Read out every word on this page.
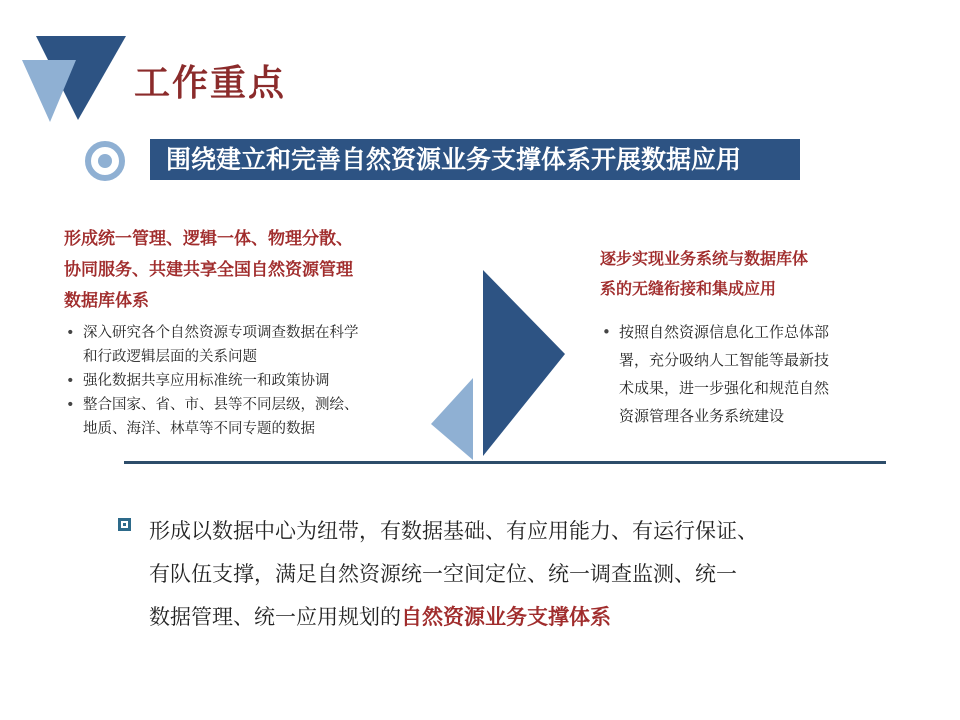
工作重点
围绕建立和完善自然资源业务支撑体系开展数据应用
形成统一管理、逻辑一体、物理分散、
协同服务、共建共享全国自然资源管理
数据库体系
• 深入研究各个自然资源专项调查数据在科学
和行政逻辑层面的关系问题
• 强化数据共享应用标准统一和政策协调
• 整合国家、省、市、县等不同层级，测绘、
地质、海洋、林草等不同专题的数据
逐步实现业务系统与数据库体
系的无缝衔接和集成应用
• 按照自然资源信息化工作总体部
署，充分吸纳人工智能等最新技
术成果，进一步强化和规范自然
资源管理各业务系统建设
形成以数据中心为纽带，有数据基础、有应用能力、有运行保证、
有队伍支撑，满足自然资源统一空间定位、统一调查监测、统一
数据管理、统一应用规划的自然资源业务支撑体系
